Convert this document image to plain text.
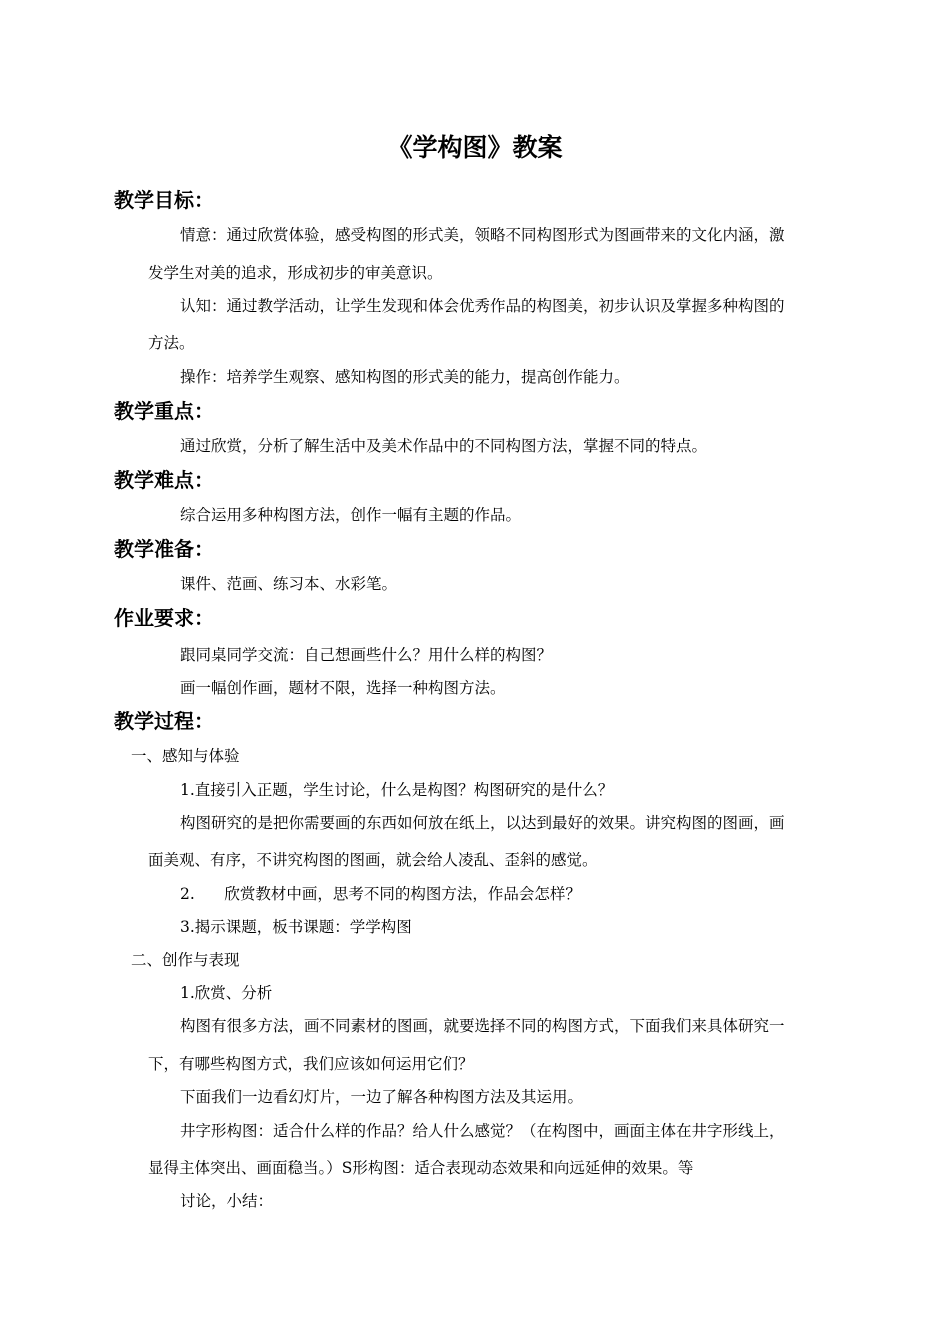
《学构图》教案
教学目标：
情意：通过欣赏体验，感受构图的形式美，领略不同构图形式为图画带来的文化内涵，激
发学生对美的追求，形成初步的审美意识。
认知：通过教学活动，让学生发现和体会优秀作品的构图美，初步认识及掌握多种构图的
方法。
操作：培养学生观察、感知构图的形式美的能力，提高创作能力。
教学重点：
通过欣赏，分析了解生活中及美术作品中的不同构图方法，掌握不同的特点。
教学难点：
综合运用多种构图方法，创作一幅有主题的作品。
教学准备：
课件、范画、练习本、水彩笔。
作业要求：
跟同桌同学交流：自己想画些什么？用什么样的构图？
画一幅创作画，题材不限，选择一种构图方法。
教学过程：
一、感知与体验
1.直接引入正题，学生讨论，什么是构图？构图研究的是什么？
构图研究的是把你需要画的东西如何放在纸上，以达到最好的效果。讲究构图的图画，画
面美观、有序，不讲究构图的图画，就会给人凌乱、歪斜的感觉。
2.      欣赏教材中画，思考不同的构图方法，作品会怎样？
3.揭示课题，板书课题：学学构图
二、创作与表现
1.欣赏、分析
构图有很多方法，画不同素材的图画，就要选择不同的构图方式，下面我们来具体研究一
下，有哪些构图方式，我们应该如何运用它们？
下面我们一边看幻灯片，一边了解各种构图方法及其运用。
井字形构图：适合什么样的作品？给人什么感觉？（在构图中，画面主体在井字形线上，
显得主体突出、画面稳当。）S形构图：适合表现动态效果和向远延伸的效果。等
讨论，小结：
